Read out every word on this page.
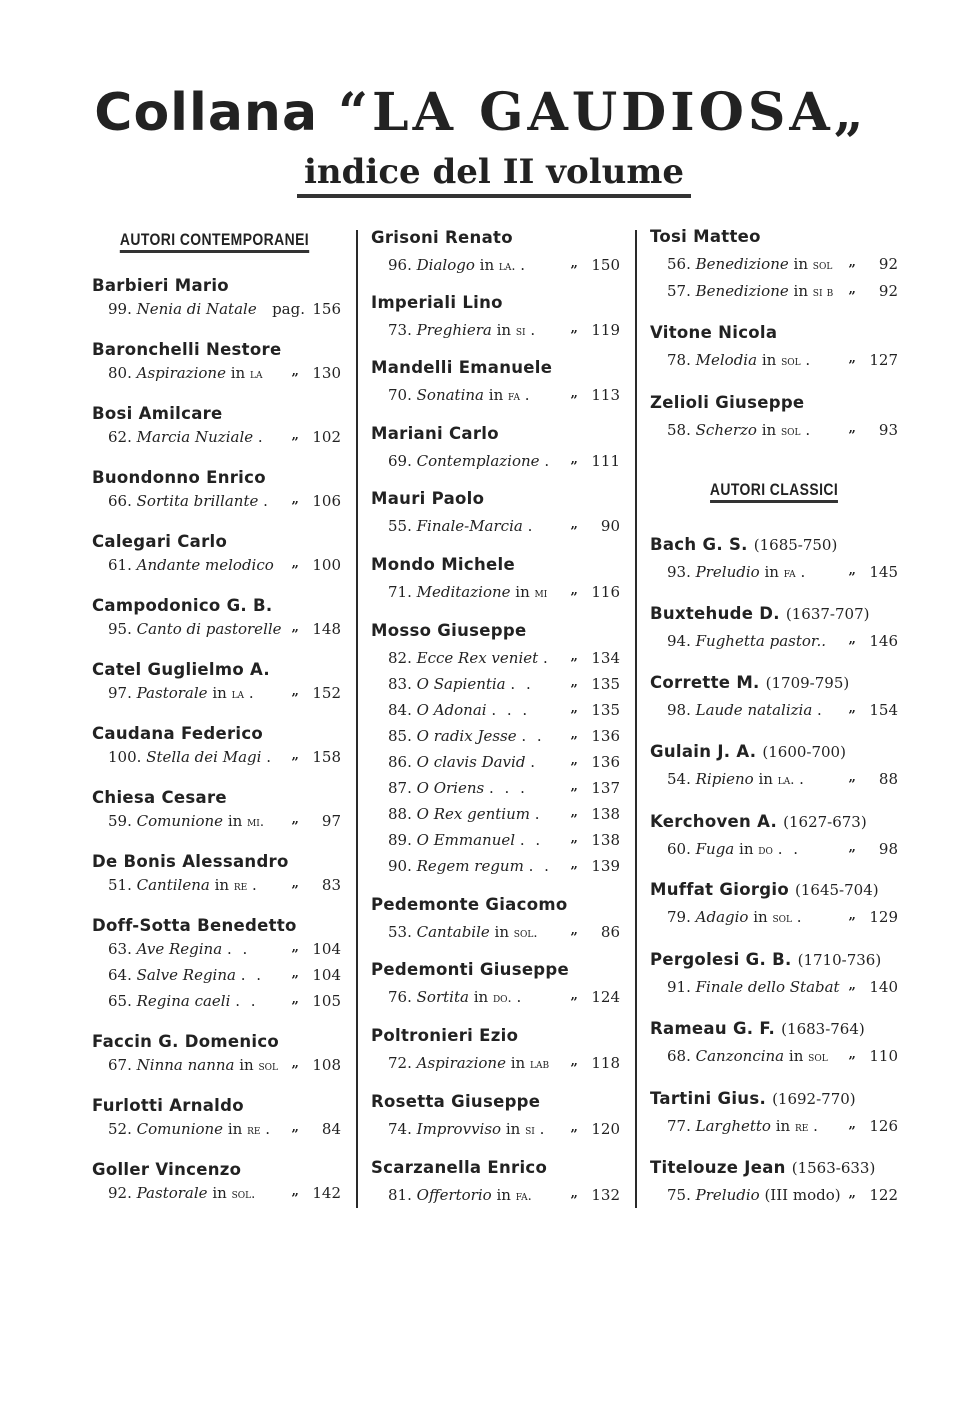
Collana “LA GAUDIOSA„
indice del II volume
AUTORI CONTEMPORANEI
Barbieri Mario
99. Nenia di Natale pag. 156
Baronchelli Nestore
80. Aspirazione in la „ 130
Bosi Amilcare
62. Marcia Nuziale . „ 102
Buondonno Enrico
66. Sortita brillante . „ 106
Calegari Carlo
61. Andante melodico „ 100
Campodonico G. B.
95. Canto di pastorelle „ 148
Catel Guglielmo A.
97. Pastorale in la .	„ 152
Caudana Federico
100. Stella dei Magi . „ 158
Chiesa Cesare
59. Comunione in mi. „ 97
De Bonis Alessandro
51. Cantilena in re . „ 83
Doff-Sotta Benedetto
63. Ave Regina . .	„ 104
64. Salve Regina . . „ 104
65. Regina caeli . .	„ 105
Faccin G. Domenico
67. Ninna nanna in sol „ 108
Furlotti Arnaldo
52. Comunione in re . „ 84
Goller Vincenzo
92. Pastorale in sol.	„ 142
Grisoni Renato
96. Dialogo in la. .	„ 150
Imperiali Lino
73. Preghiera in si . „ 119
Mandelli Emanuele
70. Sonatina in fa .	„ 113
Mariani Carlo
69. Contemplazione . „ 111
Mauri Paolo
55. Finale-Marcia .	„ 90
Mondo Michele
71. Meditazione in mi „ 116
Mosso Giuseppe
82. Ecce Rex veniet . „ 134
83. O Sapientia . .	„ 135
84. O Adonai . . .	„ 135
85. O radix Jesse . . „ 136
86. O clavis David .	„ 136
87. O Oriens . . .	„ 137
88. O Rex gentium . „ 138
89. O Emmanuel . . „ 138
90. Regem regum . . „ 139
Pedemonte Giacomo
53. Cantabile in sol.	„ 86
Pedemonti Giuseppe
76. Sortita in do. .	„ 124
Poltronieri Ezio
72. Aspirazione in lab „ 118
Rosetta Giuseppe
74. Improvviso in si . „ 120
Scarzanella Enrico
81. Offertorio in fa.	„ 132
Tosi Matteo
56. Benedizione in sol „ 92
57. Benedizione in si b „ 92
Vitone Nicola
78. Melodia in sol .	„ 127
Zelioli Giuseppe
58. Scherzo in sol .	„ 93
AUTORI CLASSICI
Bach G. S. (1685-750)
93. Preludio in fa .	„ 145
Buxtehude D. (1637-707)
94. Fughetta pastor.. „ 146
Corrette M. (1709-795)
98. Laude natalizia . „ 154
Gulain J. A. (1600-700)
54. Ripieno in la. .	„ 88
Kerchoven A. (1627-673)
60. Fuga in do . .	„ 98
Muffat Giorgio (1645-704)
79. Adagio in sol .	„ 129
Pergolesi G. B. (1710-736)
91. Finale dello Stabat „ 140
Rameau G. F. (1683-764)
68. Canzoncina in sol „ 110
Tartini Gius. (1692-770)
77. Larghetto in re . „ 126
Titelouze Jean (1563-633)
75. Preludio (III modo) „ 122
